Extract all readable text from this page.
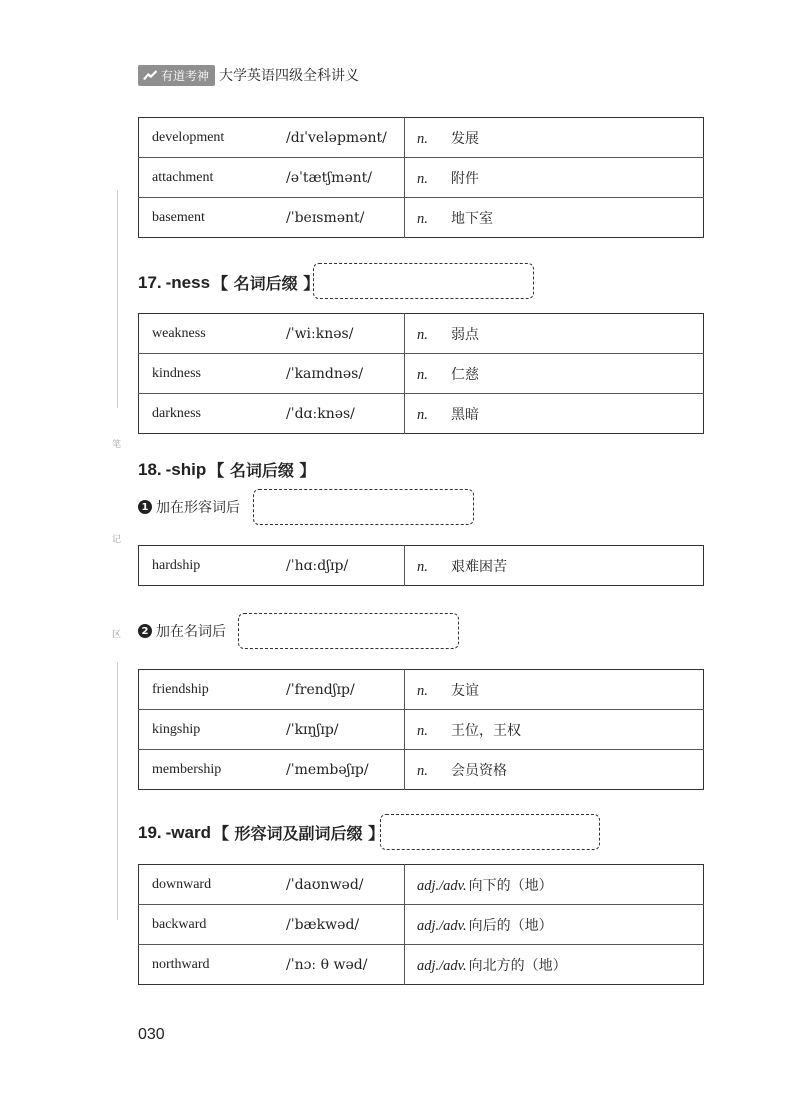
有道考神 大学英语四级全科讲义
笔
记
区
development	/dɪˈveləpmənt/	n. 发展
attachment	/əˈtætʃmənt/	n. 附件
basement	/ˈbeɪsmənt/	n. 地下室
17. -ness 【 名词后缀 】
weakness	/ˈwiːknəs/	n. 弱点
kindness	/ˈkaɪndnəs/	n. 仁慈
darkness	/ˈdɑːknəs/	n. 黑暗
18. -ship 【 名词后缀 】
1 加在形容词后
hardship	/ˈhɑːdʃɪp/	n. 艰难困苦
2 加在名词后
friendship	/ˈfrendʃɪp/	n. 友谊
kingship	/ˈkɪŋʃɪp/	n. 王位，王权
membership	/ˈmembəʃɪp/	n. 会员资格
19. -ward 【 形容词及副词后缀 】
downward	/ˈdaʊnwəd/	adj./adv. 向下的（地）
backward	/ˈbækwəd/	adj./adv. 向后的（地）
northward	/ˈnɔː θ wəd/	adj./adv. 向北方的（地）
030
